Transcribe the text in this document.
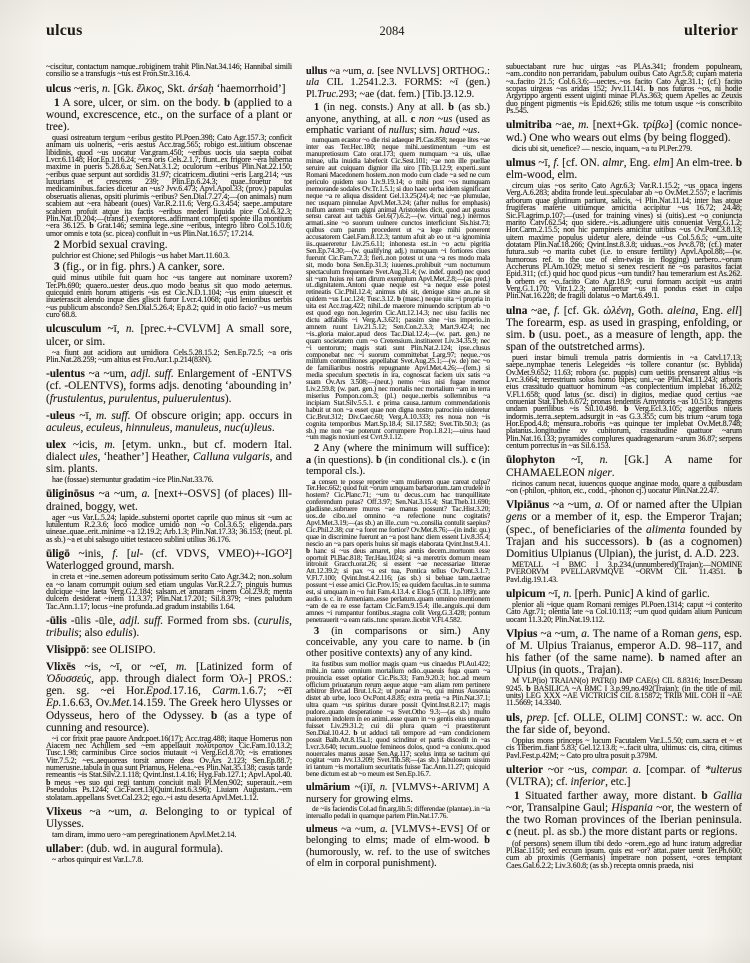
ulcus	2084	ulterior

~ciscitur, contactum namque..robiginem trahit Plin.Nat.34.146; Hannibal simili consilio se a transfugis ~tus est Fron.Str.3.16.4.

ulcus ~eris, n. [Gk. ἕλκος, Skt. árśaḥ ‘haemorrhoid’]

1 A sore, ulcer, or sim. on the body. b (applied to a wound, excrescence, etc., on the surface of a plant or tree).

quasi ostreatum tergum ~eribus gestito Pl.Poen.398; Cato Agr.157.3; conficit animam uis uolneris, ~eris aestus Acc.trag.565; robigo est..uitium obscenae libidinis, quod ~us uocatur Var.gram.450; ~eribus uocis uia saepta coibat Lvcr.6.1148; Hor.Ep.1.16.24; ~era oris Cels.2.1.7; fiunt..ex frigore ~era hiberna maxime in pueris 5.28.6.a; Sen.Nat.3.1.2; oculorum ~eribus Plin.Nat.22.150; ~eribus quae serpunt aut sordidis 31.97; cicatricem..diutini ~eris Larg.214; ~us luxurians et crescens 239; Plin.Ep.6.24.3; quae..fouetur tot medicaminibus..facies dicetur an ~us? Jvv.6.473; Apvl.Apol.33; (prov.) papulas obseruatis alienas, opsiti plurimis ~eribus? Sen.Dial.7.27.4;—(on animals) num scabiem aut ~era habeant (oues) Var.R.2.11.6; Verg.G.3.454; saepe..amputare scabiem profuit atque ita factis ~eribus mederi liquida pice Col.6.32.3; Plin.Nat.10.204;—(transf.) exemptores..adfirmant completi sponte illa montium ~era 36.125. b Grat.146; semina lege..sine ~eribus, integro libro Col.5.10.6; umor omnis e tota (sc. picea) confluit in ~us Plin.Nat.16.57; 17.214.

2 Morbid sexual craving.

pulchrior est Chione; sed Philogis ~us habet Mart.11.60.3.

3 (fig., or in fig. phrs.) A canker, sore.

quid minus utibile fuit quam hoc ~us tangere aut nominare uxorem? Ter.Ph.690; quaero..uester deus..quo modo beatus sit quo modo aeternus. quicquid enim horum attigeris ~us est Cic.N.D.1.104; ~us enim uiuescit et inueterascit alendo inque dies gliscit furor Lvcr.4.1068; quid lenioribus uerbis ~us publicum abscondo? Sen.Dial.5.26.4; Ep.8.2; quid in otio facio? ~us meum curo 68.8.

ulcusculum ~ī, n. [prec.+-CVLVM] A small sore, ulcer, or sim.

~a fiunt aut acidiora aut umidiora Cels.5.28.15.2; Sen.Ep.72.5; ~a oris Plin.Nat.28.259; ~um altius est Fro.Aur.1.p.214(83N).

-ulentus ~a ~um, adjl. suff. Enlargement of -ENTVS (cf. -OLENTVS), forms adjs. denoting ‘abounding in’ (frustulentus, purulentus, puluerulentus).

-uleus ~ī, m. suff. Of obscure origin; app. occurs in aculeus, eculeus, hinnuleus, manuleus, nuc(u)leus.

ulex ~icis, m. [etym. unkn., but cf. modern Ital. dialect ules, ‘heather’] Heather, Calluna vulgaris, and sim. plants.

hae (fossae) sternuntur gradatim ~ice Plin.Nat.33.76.

ūliginōsus ~a ~um, a. [next+-OSVS] (of places) Ill-drained, boggy, wet.

ager ~us Var.L.5.24; lapide..substerni oportet caprile quo minus sit ~um ac lutulentum R.2.3.6; loco modice umido non ~o Col.3.6.5; eligenda..pars uineae..quae..erit..minime ~a 12.19.2; Arb.1.3; Plin.Nat.17.33; 36.153; (neut. pl. as sb.) ~a et ubi salsugo uitiet testaceo sublini utilius 36.176.

ūligō ~inis, f. [ul- (cf. VDVS, VMEO)+-IGO²] Waterlogged ground, marsh.

in creta et ~ine..semen adoreum potissimum serito Cato Agr.34.2; non..solum ea ~o lanam corrumpit ouium sed etiam ungulas Var.R.2.2.7; pinguis humus dulcique ~ine laeta Verg.G.2.184; salsam..et amaram ~inem Col.2.9.8; menta dulcem desiderat ~inem 11.3.37; Plin.Nat.17.201; Sil.8.379; ~ines paludum Tac.Ann.1.17; locus ~ine profunda..ad gradum instabilis 1.64.

-ūlis -ūlis -ūle, adjl. suff. Formed from sbs. (curulis, tribulis; also edulis).

Vlisippō: see OLISIPO.

Vlixēs ~is, ~ī, or ~eī, m. [Latinized form of Ὀδυσσεύς, app. through dialect form Ὀλ-] PROS.: gen. sg. ~ei Hor.Epod.17.16, Carm.1.6.7; ~ēī Ep.1.6.63, Ov.Met.14.159. The Greek hero Ulysses or Odysseus, hero of the Odyssey. b (as a type of cunning and resource).

~i cor frixit prae pauore Andr.poet.16(17); Acc.trag.488; itaque Homerus non Aiacem nec Achillem sed ~em appellauit πολύτροπον Cic.Fam.10.13.2; Tusc.1.98; carminibus Circe socios mutauit ~i Verg.Ecl.8.70; ~is errationes Vitr.7.5.2; ~es..aequoreas torsit amore deas Ov.Ars 2.123; Sen.Ep.88.7; numerusne..tabula in qua sunt Priamus, Helena..~es Plin.Nat.35.138; casus tarde remeantis ~is Stat.Silv.2.1.118; Qvint.Inst.1.4.16; Hyg.Fab.127.1; Apvl.Apol.40. b meus ~es suo qui regi tantum conciuit mali Pl.Men.902; superauit..~em Pseudolus Ps.1244; Cic.Facet.13(Quint.Inst.6.3.96); Liuiam Augustam..~em stolatam..appellans Svet.Cal.23.2; ego..~i astu deserta Apvl.Met.1.12.

Vlixeus ~a ~um, a. Belonging to or typical of Ulysses.

tam diram, immo uero ~am peregrinationem Apvl.Met.2.14.

ullaber: (dub. wd. in augural formula).

~ arbos quirquir est Var.L.7.8.

ullus ~a ~um, a. [see NVLLVS] ORTHOG.: ula CIL 1.2541.2.3. FORMS: ~ī (gen.) Pl.Truc.293; ~ae (dat. fem.) [Tib.]3.12.9.

1 (in neg. consts.) Any at all. b (as sb.) anyone, anything, at all. c non ~us (used as emphatic variant of nullus; sim. haud ~us.

numquam ecastor ~o die risi adaeque Pl.Cas.858; neque lites ~ae inter eas Ter.Hec.180; neque mihi..uestimentum ~um est manupretiosum Cato orat.173; quem numquam ~a uis, ullae minae, ulla inuidia labefecit Cic.Sest.101; ~ae non ille puellae seruire aut cuiquam dignior illa uiro [Tib.]3.12.9; experti..sunt Romani Macedonem hostem..non modo cum clade ~a sed ne cum periculo quidem suo Liv.9.19.14; o mihi post ~os numquam memorande sodales Ov.Tr.1.5.1; si duo haec uerba idem significant neque ~a re aliqua dissident Gel.13.25(24).4; nec ~ae plumulae, nec usquam pinnulae Apvl.Met.3.24; (after nullus for emphasis) nullum autem ~um gigni animal Aristoteles dicit, quod aut gustus sensu careat aut tactus Gel.6(7).6.2;—(w. virtual neg.) inermos armati..sine ~o suorum uulnere cunctos interficiunt Sis.hist.73; quibus cum parum procederet ut ~a lege mihi ponerent accusatorem Cael.Fam.8.12.3; tantum afuit ab eo ut ~a ignominia iis..quaereretur Liv.25.6.11; inhonesta est..in ~o actu pigritia Sen.Ep.74.30;—(w. qualifying adj.) numquam ~i fortiores ciues fuerunt Cic.Fam.7.2.3; fieri..non potest ut una ~a res modo mala sit, modo bona Sen.Ep.31.3; iuuenes..prohibuit ~um nocturnum spectaculum frequentare Svet.Aug.31.4; (w. indef. quod) nec quod sit ~um huius rei tam dirum exemplum Apvl.Met.2.8;—(as pred.) ut..dignitatem..Antoni quae neque est ~a neque esse potest retineatis Cic.Phil.12.4; animus ubi sit, denique sitne an..ne sit quidem ~us Luc.124; Tusc.3.12. b (masc.) neque uita ~i propria in uita est Acc.trag.422; nihil..de maerore minuendo scriptum ab ~o est quod ego non..legerim Cic.Att.12.14.3; nec uisu facilis nec dictu adfabilis ~i Verg.A.3.621; passim sine ~ius imperio..in amnem ruunt Liv.21.5.12; Sen.Con.2.3.3; Mart.9.42.4; nec ~is..gloria maior..apud deos Tac.Dial.12.4;—(w. part. gen.) ne quam societatem cum ~o Cretensium..institueret Liv.34.35.9; nec ~i uentorum; magis stati sunt Plin.Nat.2.124; ipse..clusus componebat nec ~i suorum committebat Larg.97; neque..~os militum commilitones appellabat Svet.Aug.25.1;—(w. de) nec ~o de familiaribus nostris repugnante Apvl.Met.4.26;—(fem.) si media speculum spectetis in ira, cognoscat faciem uix satis ~a suam Ov.Ars 3.508;—(neut.) nemo ~ius nisi fugae memor Liv.2.59.8; (w. part. gen.) nec mortalis nec mortalium ~am in terra miserius Pompon.com.3; (pl.) neque..uerbis sollemnibus ~a incipiam Stat.Silv.5.5.1. c prima causa..tantum commendationis habuit ut non ~a esset quae non digna nostro patrocinio uideretur Cic.Brut.312; Div.Caec.60; Verg.A.10.333; res noua non ~is cognita temporibus Mart.Sp.18.4; Sil.17.582; Svet.Tib.50.3; (as sb.) me non ~ae poterunt corrumpere Prop.1.8.21;—uirus haud ~um magis noxium est Cvrt.9.1.12.

2 Any (where the minimum will suffice): a (in questions). b (in conditional cls.). c (in temporal cls.).

a censen te posse reperire ~am mulierem quae careat culpa? Ter.Hec.662; quod fuit ~orum umquam barbarorum..tam crudele in hostem? Cic.Planc.71; ~um tu decus..cum hac tranquillitate conferendum putas? Off.3.97; Sen.Nat.3.15.4; Stat.Theb.11.690; gladiisne..subruere muros ~ae manus possunt? Tac.Hist.3.20; uos..de cibo..uel omnino ~a refectione nunc cogitatis? Apvl.Met.3.19;—(as sb.) an ille..cum ~o..consilia contulit saepius? Cic.Phil.2.38; cur ~a foret me fortior? Ov.Met.8.76;—(in indir. qu.) quae in discrimine fuerunt an ~a post hanc diem essent Liv.8.35.4; nescio an ~a pars operis huius sit magis elaborata Qvint.Inst.9.4.1. b hanc si ~us deus amaret, plus annis decem..mortuom esse oportuit Pl.Bac.818; Ter.Hau.1024; si ~a meretrix domum meam introiuit Gracch.orat.26; si essent ~ae necessariae litterae Att.12.39.2; si pax ~a est tua, Pontica tellus Ov.Pont.3.1.7; V.Fl.7.100; Qvint.Inst.4.2.116; (as sb.) si beluae tam..taetrae possunt ~i esse amici Cic.Prov.15; ea quidem facultas..in te summa est, si umquam in ~o fuit Fam.4.13.4. c Elog.5 (CIL 1.p.189); ante audio s. c. in Armeniam..esse perlatum..quam omnino mentionem ~am de ea re esse factam Cic.Fam.9.15.4; ille..anguis..qui dum amnes ~i rumpantur fontibus..stagna colit Verg.G.3.428; pontum penetrauerit ~a eam ratis..tunc sperare..licebit V.Fl.4.582.

3 (in comparisons or sim.) Any conceivable, any you care to name. b (in other positive contexts) any of any kind.

ita fustibus sum mollior magis quam ~us cinaedus Pl.Aul.422; mihi..in tanto omnium mortalium odio..quaeuis fuga quam ~a prouincia esset optatior Cic.Pis.33; Fam.9.20.3; hoc..ad meum officium priuatarum rerum aeque atque ~am aliam rem pertinere arbitror Brvt.ad Brut.1.6.2; ut ponar in ~o, qui minus Ausonia distet ab urbe, loco Ov.Pont.4.8.85; extra pretia ~a Plin.Nat.37.1; ultra quam ~us spiritus durare possit Qvint.Inst.8.2.17; magis pudore..quam desperatione ~a Svet.Otho 9.3;—(as sb.) multo maiorem indolem in eo animi..esse quam in ~o gentis eius unquam fuisset Liv.29.31.2; cui dii plura quam ~i praestiterunt Sen.Dial.10.4.2. b ut adduci tali tempore ad ~am condicionem possit Balb.Att.8.15a.1; quod scinditur et partis discedit in ~as Lvcr.3.640; tecum..euolue femineos dolos, quod ~a coniunx..quod nouercales manus ausae Sen.Ag.117; scelus intra se tacitum qui cogitat ~um Jvv.13.209; Svet.Tib.58;—(as sb.) fabulosum uisum iri tantum ~is mortalium securitatis fuisse Tac.Ann.11.27; quicquid bene dictum est ab ~o meum est Sen.Ep.16.7.

ulmārium ~(i)ī, n. [VLMVS+-ARIVM] A nursery for growing elms.

de ~iis faciendis Col.ad fin.arg.lib.5; differendae (plantae)..in ~ia interuallo pedali in quamque partem Plin.Nat.17.76.

ulmeus ~a ~um, a. [VLMVS+-EVS] Of or belonging to elms; made of elm-wood. b (humorously, w. ref. to the use of switches of elm in corporal punishment).

subuectabant rure huc uirgas ~as Pl.As.341; frondem populneam, ~am..condito non perraridam, pabulum ouibus Cato Agr.5.8; cupam materia ~a..facito 21.5; Col.6.3.6;—uectes..~os facito Cato Agr.31.1; (cf.) facito scopas uirgeas ~as aridas 152; Jvv.11.141. b nos futuros ~os, ni hodie Argyrippo argenti essent uiginti minae Pl.As.363; quem Apelles ac Zeuxis duo pingent pigmentis ~is Epid.626; stilis me totum usque ~is conscribito Ps.545.

ulmitriba ~ae, m. [next+Gk. τρίβω] (comic nonce-wd.) One who wears out elms (by being flogged).

dicis ubi sit, uenefice? — nescio, inquam, ~a tu Pl.Per.279.

ulmus ~ī, f. [cf. ON. almr, Eng. elm] An elm-tree. b elm-wood, elm.

circum uias ~os serito Cato Agr.6.3; Var.R.1.15.2; ~us opaca ingens Verg.A.6.283; abdita fronde leui..speculabar ab ~o Ov.Met.2.557; e lacrimis arborum quae glutinum pariunt, salicis, ~i Plin.Nat.11.14; inter has atque frugiferas materie uitiumque amicitia accipitur ~us 16.72; 24.48; Sic.Fl.agrim.p.107;—(used for training vines) si (uitis)..est ~o coniuncta marito Catvl.62.54; quo sidere..~is..adiungere uitis conueniat Verg.G.1.2; Hor.Carm.2.15.5; non hic pampineis amicitur uitibus ~us Ov.Pont.3.8.13; uitem maxime populus uidetur alere, deinde ~us Col.5.6.5; ~um..uite dotatam Plin.Nat.18.266; Qvint.Inst.8.3.8; uiduas..~os Jvv.8.78; (cf.) mater futura..sub ~o marita cubet (i.e. to ensure fertility) Apvl.Apol.88;—(w. humorous ref. to the use of elm-twigs in flogging) uerbero..~orum Accheruns Pl.Am.1029; metuo si senex rescierit ne ~os parasitos faciat Epid.311; (cf.) quid hoc quod picus ~um tundit? hau temerarium est As.262. b orbem ex ~o..facito Cato Agr.18.9; curui formam accipit ~us aratri Verg.G.1.170; Vitr.1.2.3; aemularetur ~us ni pondus esset in culpa Plin.Nat.16.228; de fragili dolatus ~o Mart.6.49.1.

ulna ~ae, f. [cf. Gk. ὠλένη, Goth. aleina, Eng. ell] The forearm, esp. as used in grasping, enfolding, or sim. b (usu. poet., as a measure of length, app. the span of the outstretched arms).

pueri instar bimuli tremula patris dormientis in ~a Catvl.17.13; saepe..nymphae teneris Lelegeides ~is tollere conantur (sc. Byblida) Ov.Met.9.652; 11.63; robora (sc. puppis) cum uetitis prensarent altius ~is Lvc.3.664; terrestrium solus homo bipes; uni..~ae Plin.Nat.11.243; arboris eius crassitudo quattuor hominum ~as conplectentium implebat 16.202; V.Fl.1.658; quod latus (sc. disci) in digitos, mediae quod certius ~ae conueniat Stat.Theb.6.672; pronas tendentis Amyntoris ~as 10.513; frangens undam puerilibus ~is Sil.10.498. b Verg.Ecl.3.105; aggeribus niueis indormis..terra..septem..adsurgit in ~as G.3.355; cum bis trium ~arum toga Hor.Epod.4.8; mensura..roboris ~as quinque ter implebat Ov.Met.8.748; platanus..longitudine xv cubitorum, crassitudine quattuor ~arum Plin.Nat.16.133; pyramides complures quadragenarum ~arum 36.87; serpens centum porrectus in ~as Sil.6.153.

ūlophyton ~ī, n. [Gk.] A name for CHAMAELEON niger.

ricinos canum necat, iuuencos quoque anginae modo, quare a quibusdam ~on (-philon, -phiton, etc., codd., -phonon cj.) uocatur Plin.Nat.22.47.

Vlpiānus ~a ~um, a. Of or named after the Ulpian gens or a member of it, esp. the Emperor Trajan; (spec., of beneficiaries of the alimenta founded by Trajan and his successors). b (as a cognomen) Domitius Ulpianus (Ulpian), the jurist, d. A.D. 223.

METALL ~I BMC I 3.p.234,(unnumbered)(Trajan);—NOMINE PVERORVM PVELLARVMQVE ~ORVM CIL 11.4351. b Pavl.dig.19.1.43.

ulpicum ~ī, n. [perh. Punic] A kind of garlic.

plenior ali ~ique quam Romani remiges Pl.Poen.1314; caput ~i conterito Cato Agr.71; olentia late ~a Col.10.113; ~um quod quidam alium Punicum uocant 11.3.20; Plin.Nat.19.112.

Vlpius ~a ~um, a. The name of a Roman gens, esp. of M. Ulpius Traianus, emperor A.D. 98–117, and his father (of the same name). b named after an Ulpius (in quots., Trajan).

M VLP(io) TRAIAN(o) PATR(i) IMP CAE(s) CIL 8.8316; Inscr.Dessau 9245. b BASILICA ~A BMC I 3.p.99,no.492(Trajan); (in the title of mil. units) LEG XXX ~AE VICTRICIS CIL 8.15872; TRIB MIL COH II ~AE 11.5669; 14.3340.

uls, prep. [cf. OLLE, OLIM] CONST.: w. acc. On the far side of, beyond.

Oppius mons princeps ~ lucum Facutalem Var.L.5.50; cum..sacra et ~ et cis Tiberim..fiant 5.83; Gel.12.13.8; ~..facit ultra, ultimus: cis, citra, citimus Pavl.Fest.p.42M; ~ Cato pro ultra posuit p.379M.

ulterior ~or ~us, compar. a. [compar. of *ulterus (VLTRA); cf. inferior, etc.]

1 Situated farther away, more distant. b Gallia ~or, Transalpine Gaul; Hispania ~or, the western of the two Roman provinces of the Iberian peninsula. c (neut. pl. as sb.) the more distant parts or regions.

(of persons) senem illum tibi dedo ~orem..ego ad hunc iratum adgrediar Pl.Bac.1150; sed eccum ipsum. quis est ~or? attat..pater uenit Ter.Ph.600; cum ab proximis (Germanis) impetrare non possent, ~ores temptant Caes.Gal.6.2.2; Liv.3.60.8; (as sb.) recepta omnis praeda, nisi
